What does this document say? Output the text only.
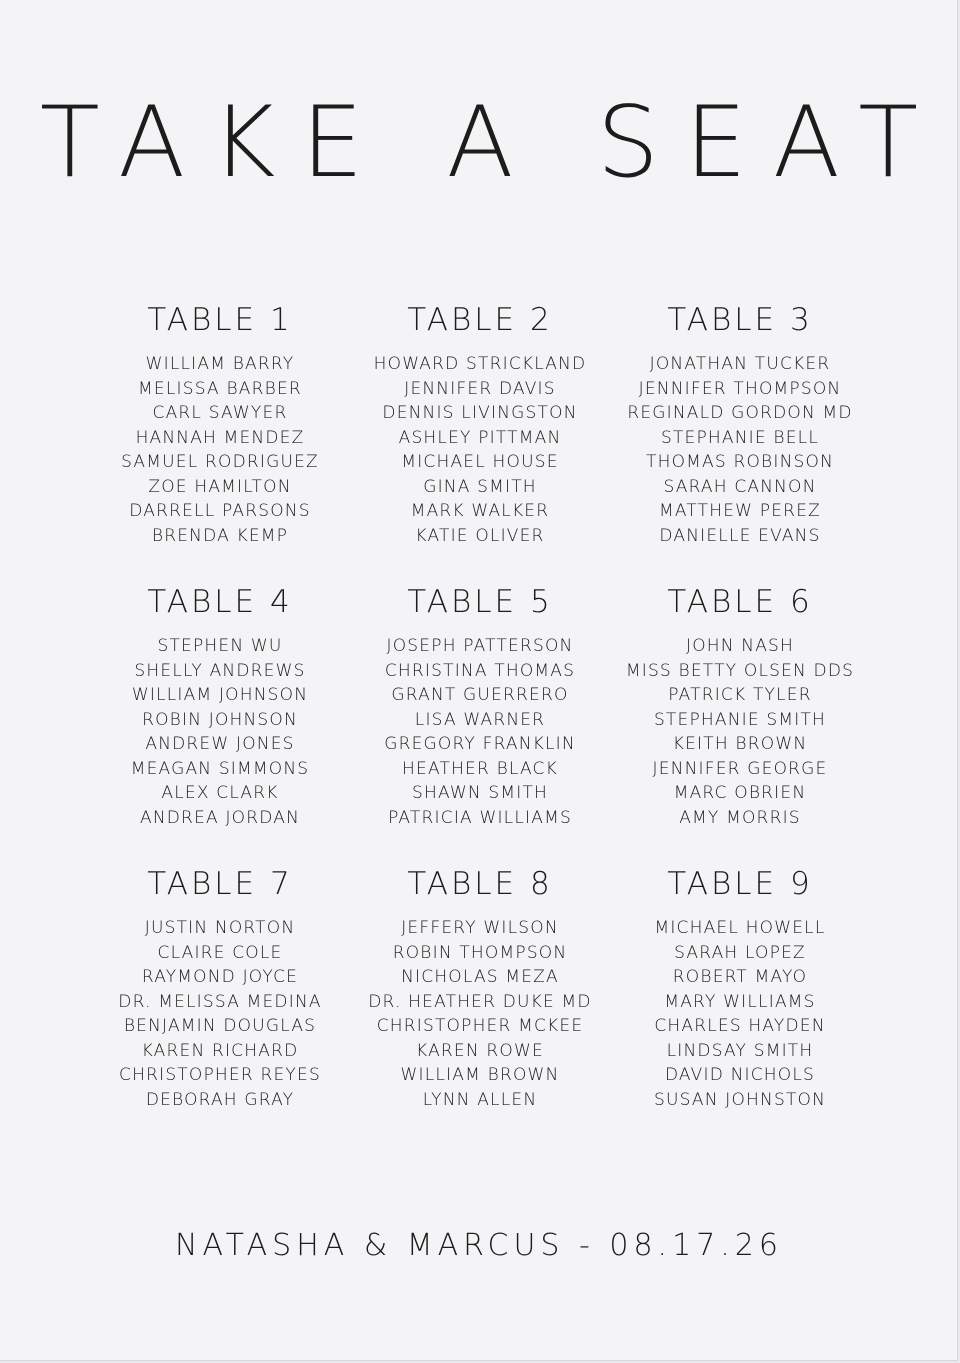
TAKE A SEAT
TABLE 1
WILLIAM BARRY
MELISSA BARBER
CARL SAWYER
HANNAH MENDEZ
SAMUEL RODRIGUEZ
ZOE HAMILTON
DARRELL PARSONS
BRENDA KEMP
TABLE 2
HOWARD STRICKLAND
JENNIFER DAVIS
DENNIS LIVINGSTON
ASHLEY PITTMAN
MICHAEL HOUSE
GINA SMITH
MARK WALKER
KATIE OLIVER
TABLE 3
JONATHAN TUCKER
JENNIFER THOMPSON
REGINALD GORDON MD
STEPHANIE BELL
THOMAS ROBINSON
SARAH CANNON
MATTHEW PEREZ
DANIELLE EVANS
TABLE 4
STEPHEN WU
SHELLY ANDREWS
WILLIAM JOHNSON
ROBIN JOHNSON
ANDREW JONES
MEAGAN SIMMONS
ALEX CLARK
ANDREA JORDAN
TABLE 5
JOSEPH PATTERSON
CHRISTINA THOMAS
GRANT GUERRERO
LISA WARNER
GREGORY FRANKLIN
HEATHER BLACK
SHAWN SMITH
PATRICIA WILLIAMS
TABLE 6
JOHN NASH
MISS BETTY OLSEN DDS
PATRICK TYLER
STEPHANIE SMITH
KEITH BROWN
JENNIFER GEORGE
MARC OBRIEN
AMY MORRIS
TABLE 7
JUSTIN NORTON
CLAIRE COLE
RAYMOND JOYCE
DR. MELISSA MEDINA
BENJAMIN DOUGLAS
KAREN RICHARD
CHRISTOPHER REYES
DEBORAH GRAY
TABLE 8
JEFFERY WILSON
ROBIN THOMPSON
NICHOLAS MEZA
DR. HEATHER DUKE MD
CHRISTOPHER MCKEE
KAREN ROWE
WILLIAM BROWN
LYNN ALLEN
TABLE 9
MICHAEL HOWELL
SARAH LOPEZ
ROBERT MAYO
MARY WILLIAMS
CHARLES HAYDEN
LINDSAY SMITH
DAVID NICHOLS
SUSAN JOHNSTON
NATASHA & MARCUS - 08.17.26
